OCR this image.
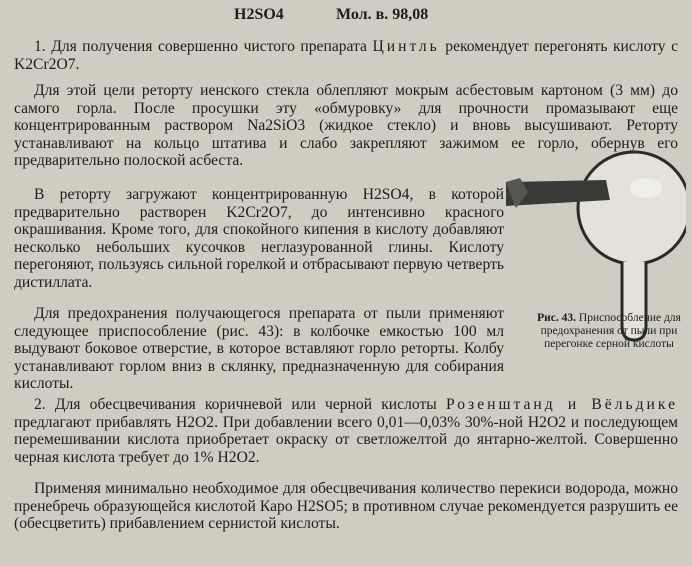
H2SO4	Мол. в. 98,08

1. Для получения совершенно чистого препарата Цинтль рекомендует перегонять кислоту с K2Cr2O7.

Для этой цели реторту иенского стекла облепляют мокрым асбестовым картоном (3 мм) до самого горла. После просушки эту «обмуровку» для прочности промазывают еще концентрированным раствором Na2SiO3 (жидкое стекло) и вновь высушивают. Реторту устанавливают на кольцо штатива и слабо закрепляют зажимом ее горло, обернув его предварительно полоской асбеста.

В реторту загружают концентрированную H2SO4, в которой предварительно растворен K2Cr2O7, до интенсивно красного окрашивания. Кроме того, для спокойного кипения в кислоту добавляют несколько небольших кусочков неглазурованной глины. Кислоту перегоняют, пользуясь сильной горелкой и отбрасывают первую четверть дистиллата.

Для предохранения получающегося препарата от пыли применяют следующее приспособление (рис. 43): в колбочке емкостью 100 мл выдувают боковое отверстие, в которое вставляют горло реторты. Колбу устанавливают горлом вниз в склянку, предназначенную для собирания кислоты.

Рис. 43. Приспособление для предохранения от пыли при перегонке серной кислоты

2. Для обесцвечивания коричневой или черной кислоты Розенштанд и Вёльдике предлагают прибавлять H2O2. При добавлении всего 0,01—0,03% 30%-ной H2O2 и последующем перемешивании кислота приобретает окраску от светложелтой до янтарно-желтой. Совершенно черная кислота требует до 1% H2O2.

Применяя минимально необходимое для обесцвечивания количество перекиси водорода, можно пренебречь образующейся кислотой Каро H2SO5; в противном случае рекомендуется разрушить ее (обесцветить) прибавлением сернистой кислоты.
